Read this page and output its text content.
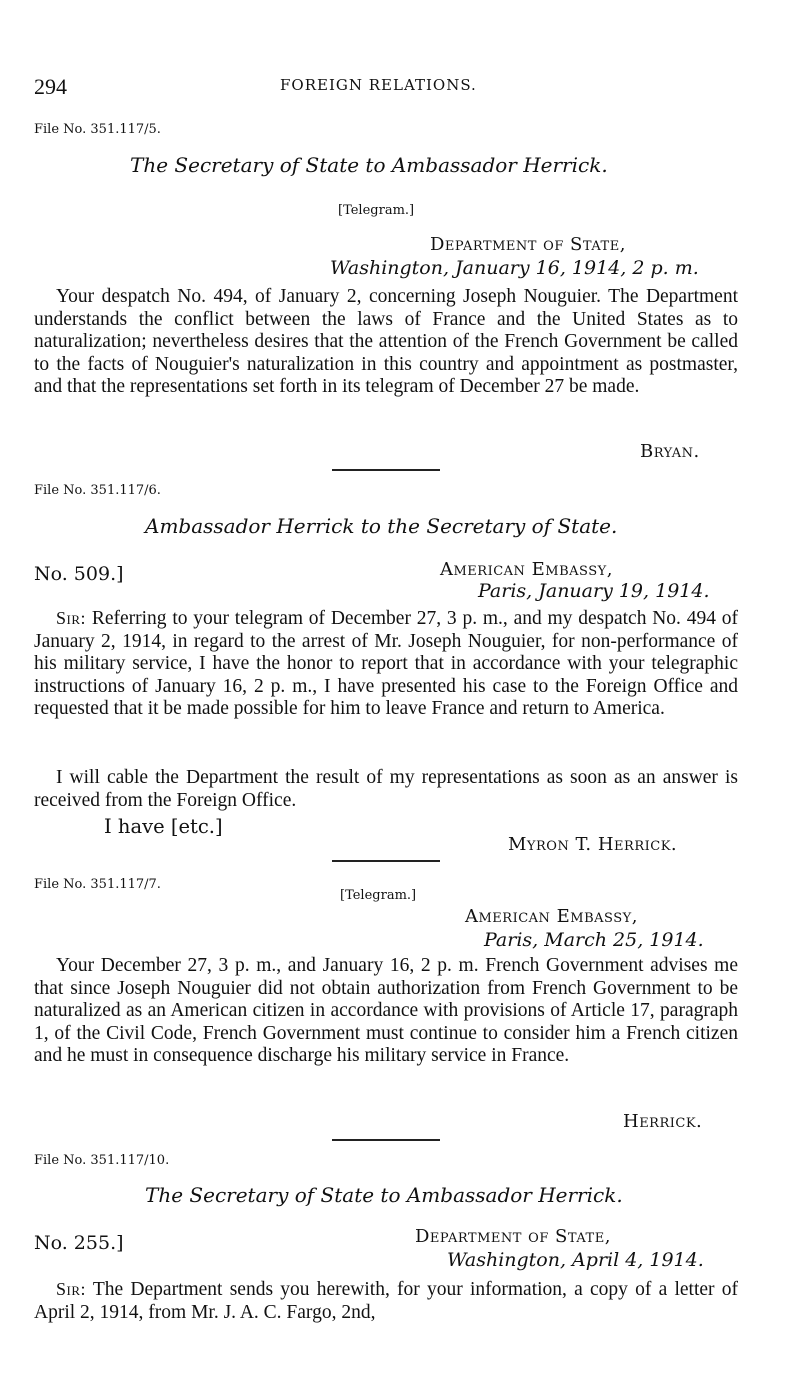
294	FOREIGN RELATIONS.
File No. 351.117/5.
The Secretary of State to Ambassador Herrick.
[Telegram.]
Department of State,
Washington, January 16, 1914, 2 p. m.
Your despatch No. 494, of January 2, concerning Joseph Nouguier. The Department understands the conflict between the laws of France and the United States as to naturalization; nevertheless desires that the attention of the French Government be called to the facts of Nouguier's naturalization in this country and appointment as postmaster, and that the representations set forth in its telegram of December 27 be made.
Bryan.
File No. 351.117/6.
Ambassador Herrick to the Secretary of State.
No. 509.]	American Embassy,
Paris, January 19, 1914.
Sir: Referring to your telegram of December 27, 3 p. m., and my despatch No. 494 of January 2, 1914, in regard to the arrest of Mr. Joseph Nouguier, for non-performance of his military service, I have the honor to report that in accordance with your telegraphic instructions of January 16, 2 p. m., I have presented his case to the Foreign Office and requested that it be made possible for him to leave France and return to America.
I will cable the Department the result of my representations as soon as an answer is received from the Foreign Office.
I have [etc.]
Myron T. Herrick.
File No. 351.117/7.
[Telegram.]
American Embassy,
Paris, March 25, 1914.
Your December 27, 3 p. m., and January 16, 2 p. m. French Government advises me that since Joseph Nouguier did not obtain authorization from French Government to be naturalized as an American citizen in accordance with provisions of Article 17, paragraph 1, of the Civil Code, French Government must continue to consider him a French citizen and he must in consequence discharge his military service in France.
Herrick.
File No. 351.117/10.
The Secretary of State to Ambassador Herrick.
No. 255.]	Department of State,
Washington, April 4, 1914.
Sir: The Department sends you herewith, for your information, a copy of a letter of April 2, 1914, from Mr. J. A. C. Fargo, 2nd,
